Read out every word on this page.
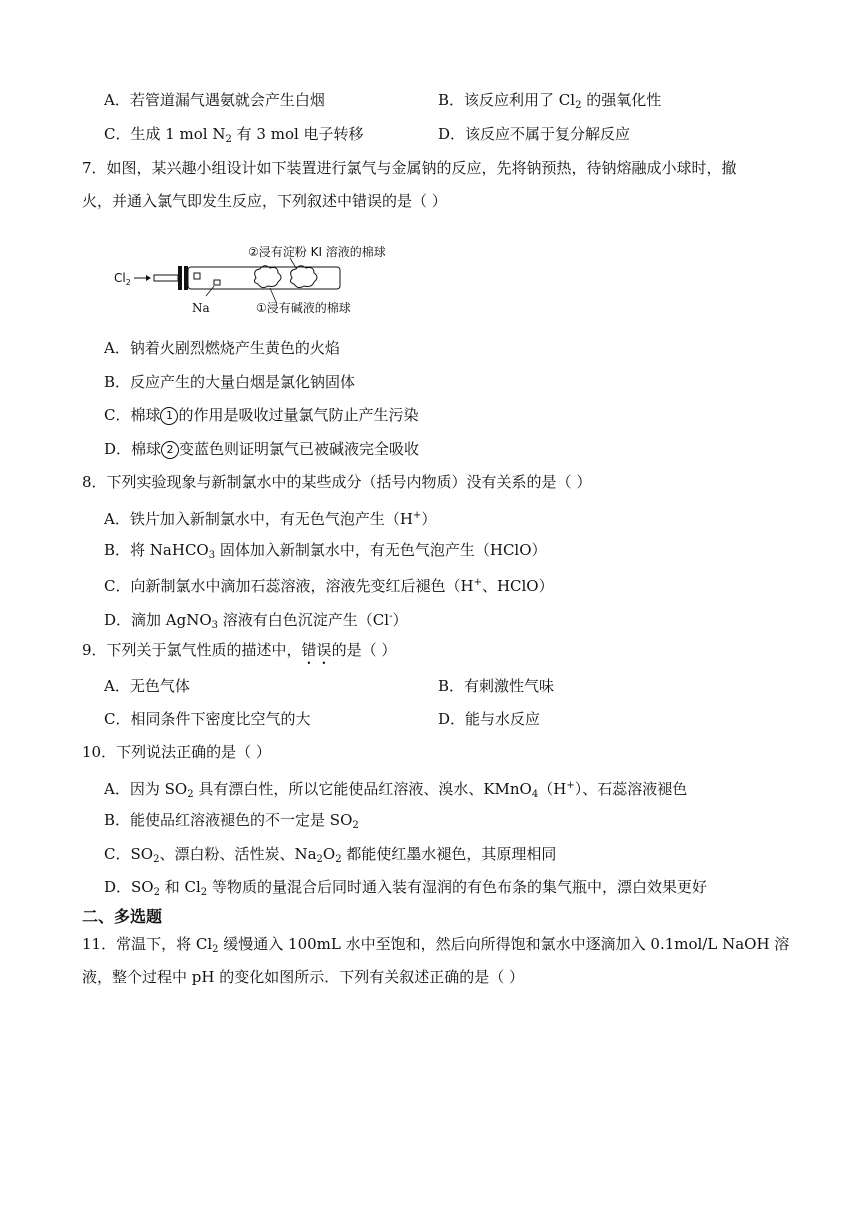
A．若管道漏气遇氨就会产生白烟	B．该反应利用了 $Cl_2$ 的强氧化性
C．生成 1 mol $N_2$ 有 3 mol 电子转移	D．该反应不属于复分解反应
7．如图，某兴趣小组设计如下装置进行氯气与金属钠的反应，先将钠预热，待钠熔融成小球时，撤
火，并通入氯气即发生反应，下列叙述中错误的是（ ）
$Cl_2$
Na
②浸有淀粉 KI 溶液的棉球
①浸有碱液的棉球
A．钠着火剧烈燃烧产生黄色的火焰
B．反应产生的大量白烟是氯化钠固体
C．棉球 1 的作用是吸收过量氯气防止产生污染
D．棉球 2 变蓝色则证明氯气已被碱液完全吸收
8．下列实验现象与新制氯水中的某些成分（括号内物质）没有关系的是（ ）
A．铁片加入新制氯水中，有无色气泡产生（H+）
B．将 NaHCO$_3$ 固体加入新制氯水中，有无色气泡产生（HClO）
C．向新制氯水中滴加石蕊溶液，溶液先变红后褪色（H+、HClO）
D．滴加 AgNO$_3$ 溶液有白色沉淀产生（Cl-）
9．下列关于氯气性质的描述中，错误的是（ ）
A．无色气体	B．有刺激性气味
C．相同条件下密度比空气的大	D．能与水反应
10．下列说法正确的是（ ）
A．因为 $SO_2$ 具有漂白性，所以它能使品红溶液、溴水、KMnO$_4$（H+）、石蕊溶液褪色
B．能使品红溶液褪色的不一定是 $SO_2$
C．$SO_2$、漂白粉、活性炭、$Na_2O_2$ 都能使红墨水褪色，其原理相同
D．$SO_2$ 和 $Cl_2$ 等物质的量混合后同时通入装有湿润的有色布条的集气瓶中，漂白效果更好
二、多选题
11．常温下，将 $Cl_2$ 缓慢通入 100mL 水中至饱和，然后向所得饱和氯水中逐滴加入 0.1mol/L NaOH 溶
液，整个过程中 pH 的变化如图所示．下列有关叙述正确的是（ ）
